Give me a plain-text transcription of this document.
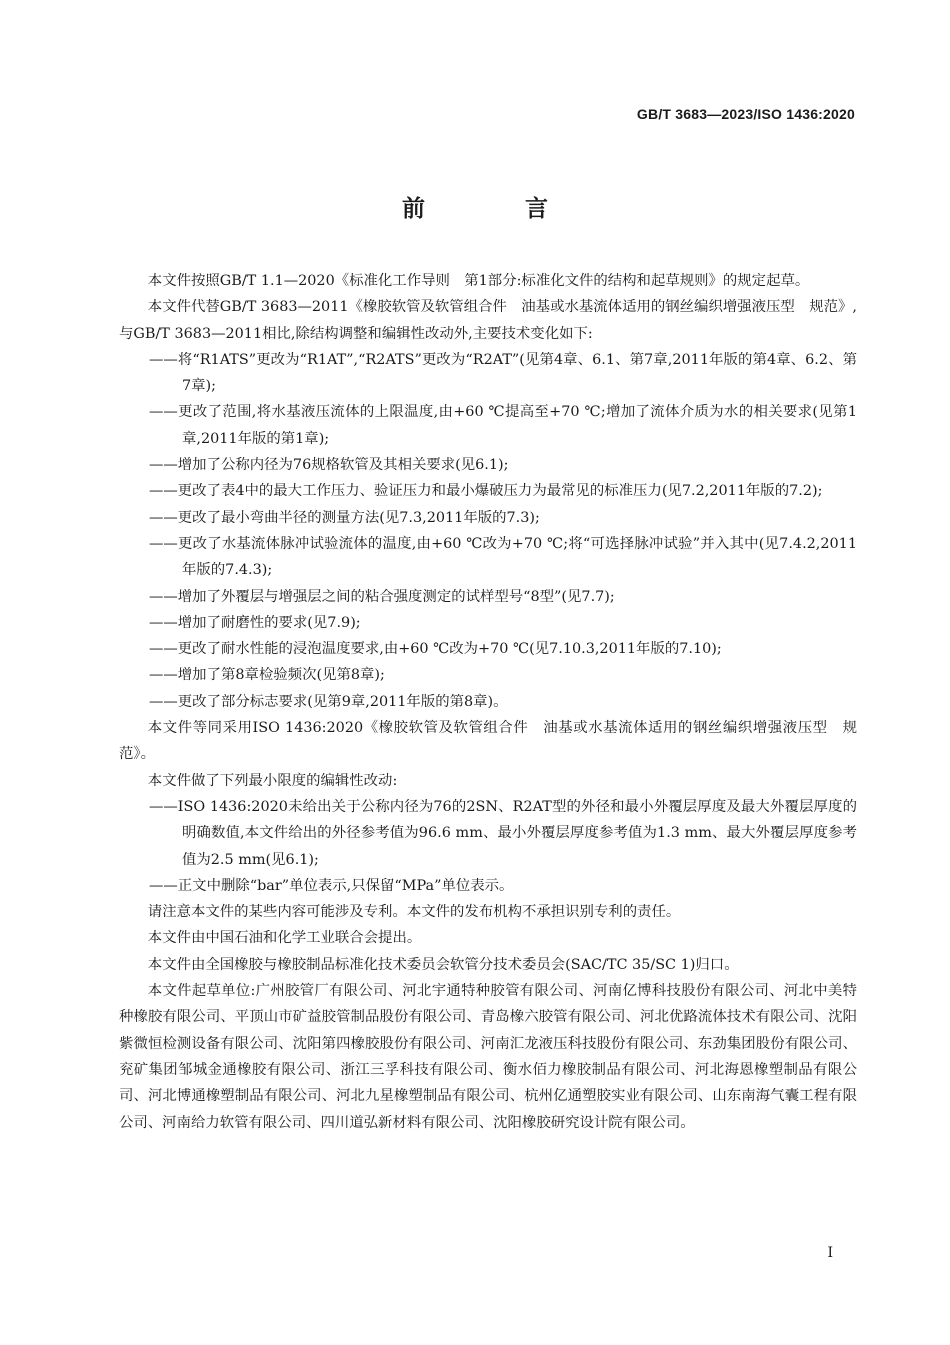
GB/T 3683—2023/ISO 1436:2020
前 言

本文件按照GB/T 1.1—2020《标准化工作导则　第1部分:标准化文件的结构和起草规则》的规定起草。

本文件代替GB/T 3683—2011《橡胶软管及软管组合件　油基或水基流体适用的钢丝编织增强液压型　规范》,与GB/T 3683—2011相比,除结构调整和编辑性改动外,主要技术变化如下:

——将“R1ATS”更改为“R1AT”,“R2ATS”更改为“R2AT”(见第4章、6.1、第7章,2011年版的第4章、6.2、第7章);

——更改了范围,将水基液压流体的上限温度,由+60 ℃提高至+70 ℃;增加了流体介质为水的相关要求(见第1章,2011年版的第1章);

——增加了公称内径为76规格软管及其相关要求(见6.1);

——更改了表4中的最大工作压力、验证压力和最小爆破压力为最常见的标准压力(见7.2,2011年版的7.2);

——更改了最小弯曲半径的测量方法(见7.3,2011年版的7.3);

——更改了水基流体脉冲试验流体的温度,由+60 ℃改为+70 ℃;将“可选择脉冲试验”并入其中(见7.4.2,2011年版的7.4.3);

——增加了外覆层与增强层之间的粘合强度测定的试样型号“8型”(见7.7);

——增加了耐磨性的要求(见7.9);

——更改了耐水性能的浸泡温度要求,由+60 ℃改为+70 ℃(见7.10.3,2011年版的7.10);

——增加了第8章检验频次(见第8章);

——更改了部分标志要求(见第9章,2011年版的第8章)。

本文件等同采用ISO 1436:2020《橡胶软管及软管组合件　油基或水基流体适用的钢丝编织增强液压型　规范》。

本文件做了下列最小限度的编辑性改动:

——ISO 1436:2020未给出关于公称内径为76的2SN、R2AT型的外径和最小外覆层厚度及最大外覆层厚度的明确数值,本文件给出的外径参考值为96.6 mm、最小外覆层厚度参考值为1.3 mm、最大外覆层厚度参考值为2.5 mm(见6.1);

——正文中删除“bar”单位表示,只保留“MPa”单位表示。

请注意本文件的某些内容可能涉及专利。本文件的发布机构不承担识别专利的责任。

本文件由中国石油和化学工业联合会提出。

本文件由全国橡胶与橡胶制品标准化技术委员会软管分技术委员会(SAC/TC 35/SC 1)归口。

本文件起草单位:广州胶管厂有限公司、河北宇通特种胶管有限公司、河南亿博科技股份有限公司、河北中美特种橡胶有限公司、平顶山市矿益胶管制品股份有限公司、青岛橡六胶管有限公司、河北优路流体技术有限公司、沈阳紫微恒检测设备有限公司、沈阳第四橡胶股份有限公司、河南汇龙液压科技股份有限公司、东劲集团股份有限公司、兖矿集团邹城金通橡胶有限公司、浙江三孚科技有限公司、衡水佰力橡胶制品有限公司、河北海恩橡塑制品有限公司、河北博通橡塑制品有限公司、河北九星橡塑制品有限公司、杭州亿通塑胶实业有限公司、山东南海气囊工程有限公司、河南给力软管有限公司、四川道弘新材料有限公司、沈阳橡胶研究设计院有限公司。

I
